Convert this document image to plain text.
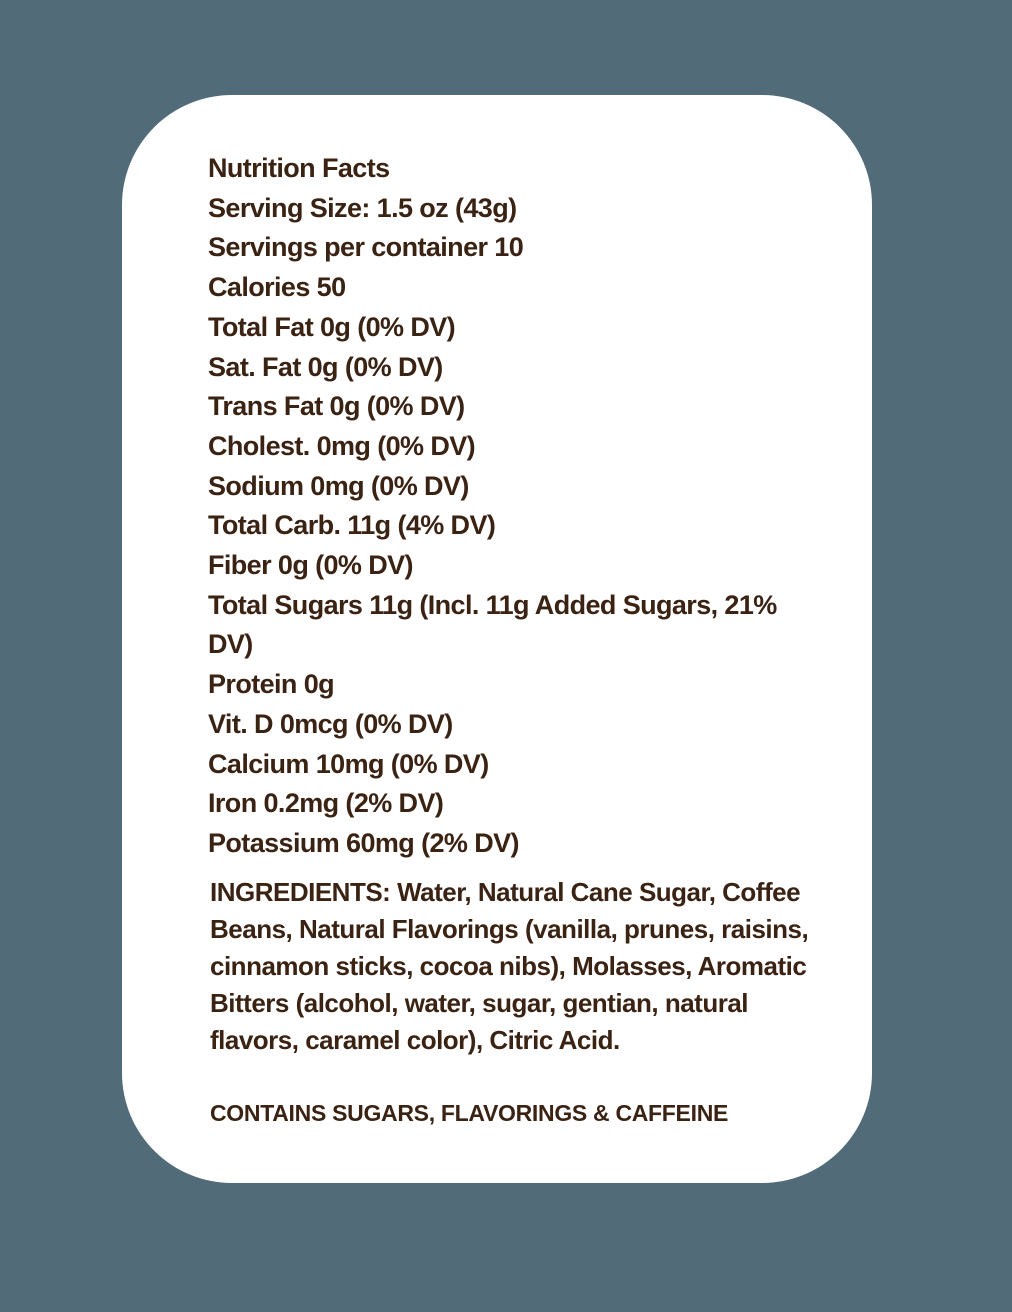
Nutrition Facts
Serving Size: 1.5 oz (43g)
Servings per container 10
Calories 50
Total Fat 0g (0% DV)
Sat. Fat 0g (0% DV)
Trans Fat 0g (0% DV)
Cholest. 0mg (0% DV)
Sodium 0mg (0% DV)
Total Carb. 11g (4% DV)
Fiber 0g (0% DV)
Total Sugars 11g (Incl. 11g Added Sugars, 21% DV)
Protein 0g
Vit. D 0mcg (0% DV)
Calcium 10mg (0% DV)
Iron 0.2mg (2% DV)
Potassium 60mg (2% DV)
INGREDIENTS: Water, Natural Cane Sugar, Coffee Beans, Natural Flavorings (vanilla, prunes, raisins, cinnamon sticks, cocoa nibs), Molasses, Aromatic Bitters (alcohol, water, sugar, gentian, natural flavors, caramel color), Citric Acid.
CONTAINS SUGARS, FLAVORINGS & CAFFEINE
